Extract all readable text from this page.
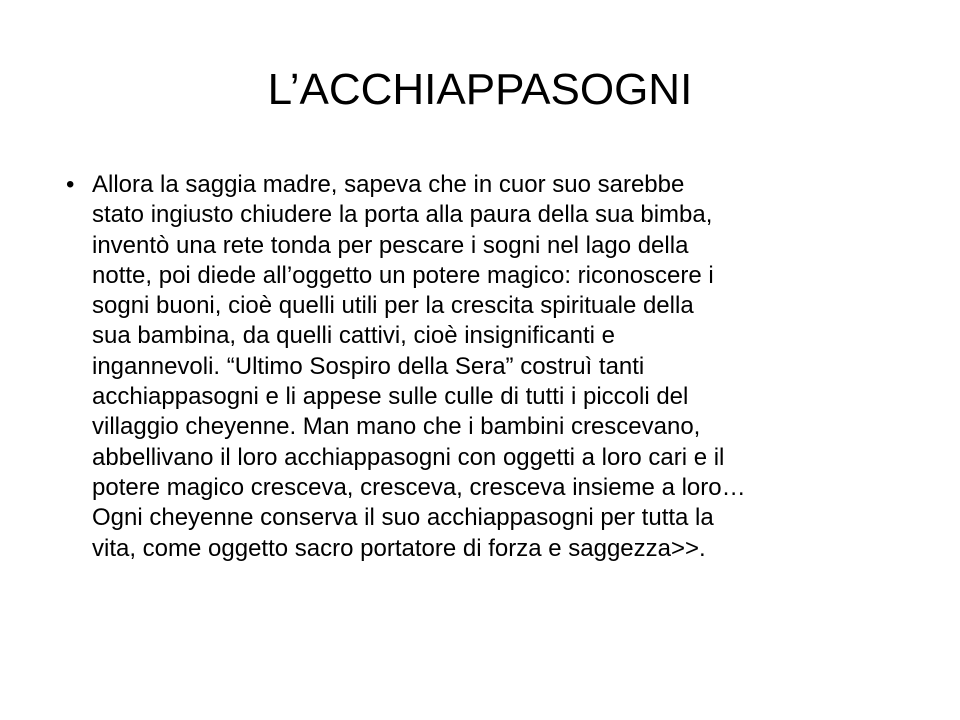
L’ACCHIAPPASOGNI
• Allora la saggia madre, sapeva che in cuor suo sarebbe
stato ingiusto chiudere la porta alla paura della sua bimba,
inventò una rete tonda per pescare i sogni nel lago della
notte, poi diede all’oggetto un potere magico: riconoscere i
sogni buoni, cioè quelli utili per la crescita spirituale della
sua bambina, da quelli cattivi, cioè insignificanti e
ingannevoli. “Ultimo Sospiro della Sera” costruì tanti
acchiappasogni e li appese sulle culle di tutti i piccoli del
villaggio cheyenne. Man mano che i bambini crescevano,
abbellivano il loro acchiappasogni con oggetti a loro cari e il
potere magico cresceva, cresceva, cresceva insieme a loro…
Ogni cheyenne conserva il suo acchiappasogni per tutta la
vita, come oggetto sacro portatore di forza e saggezza>>.
